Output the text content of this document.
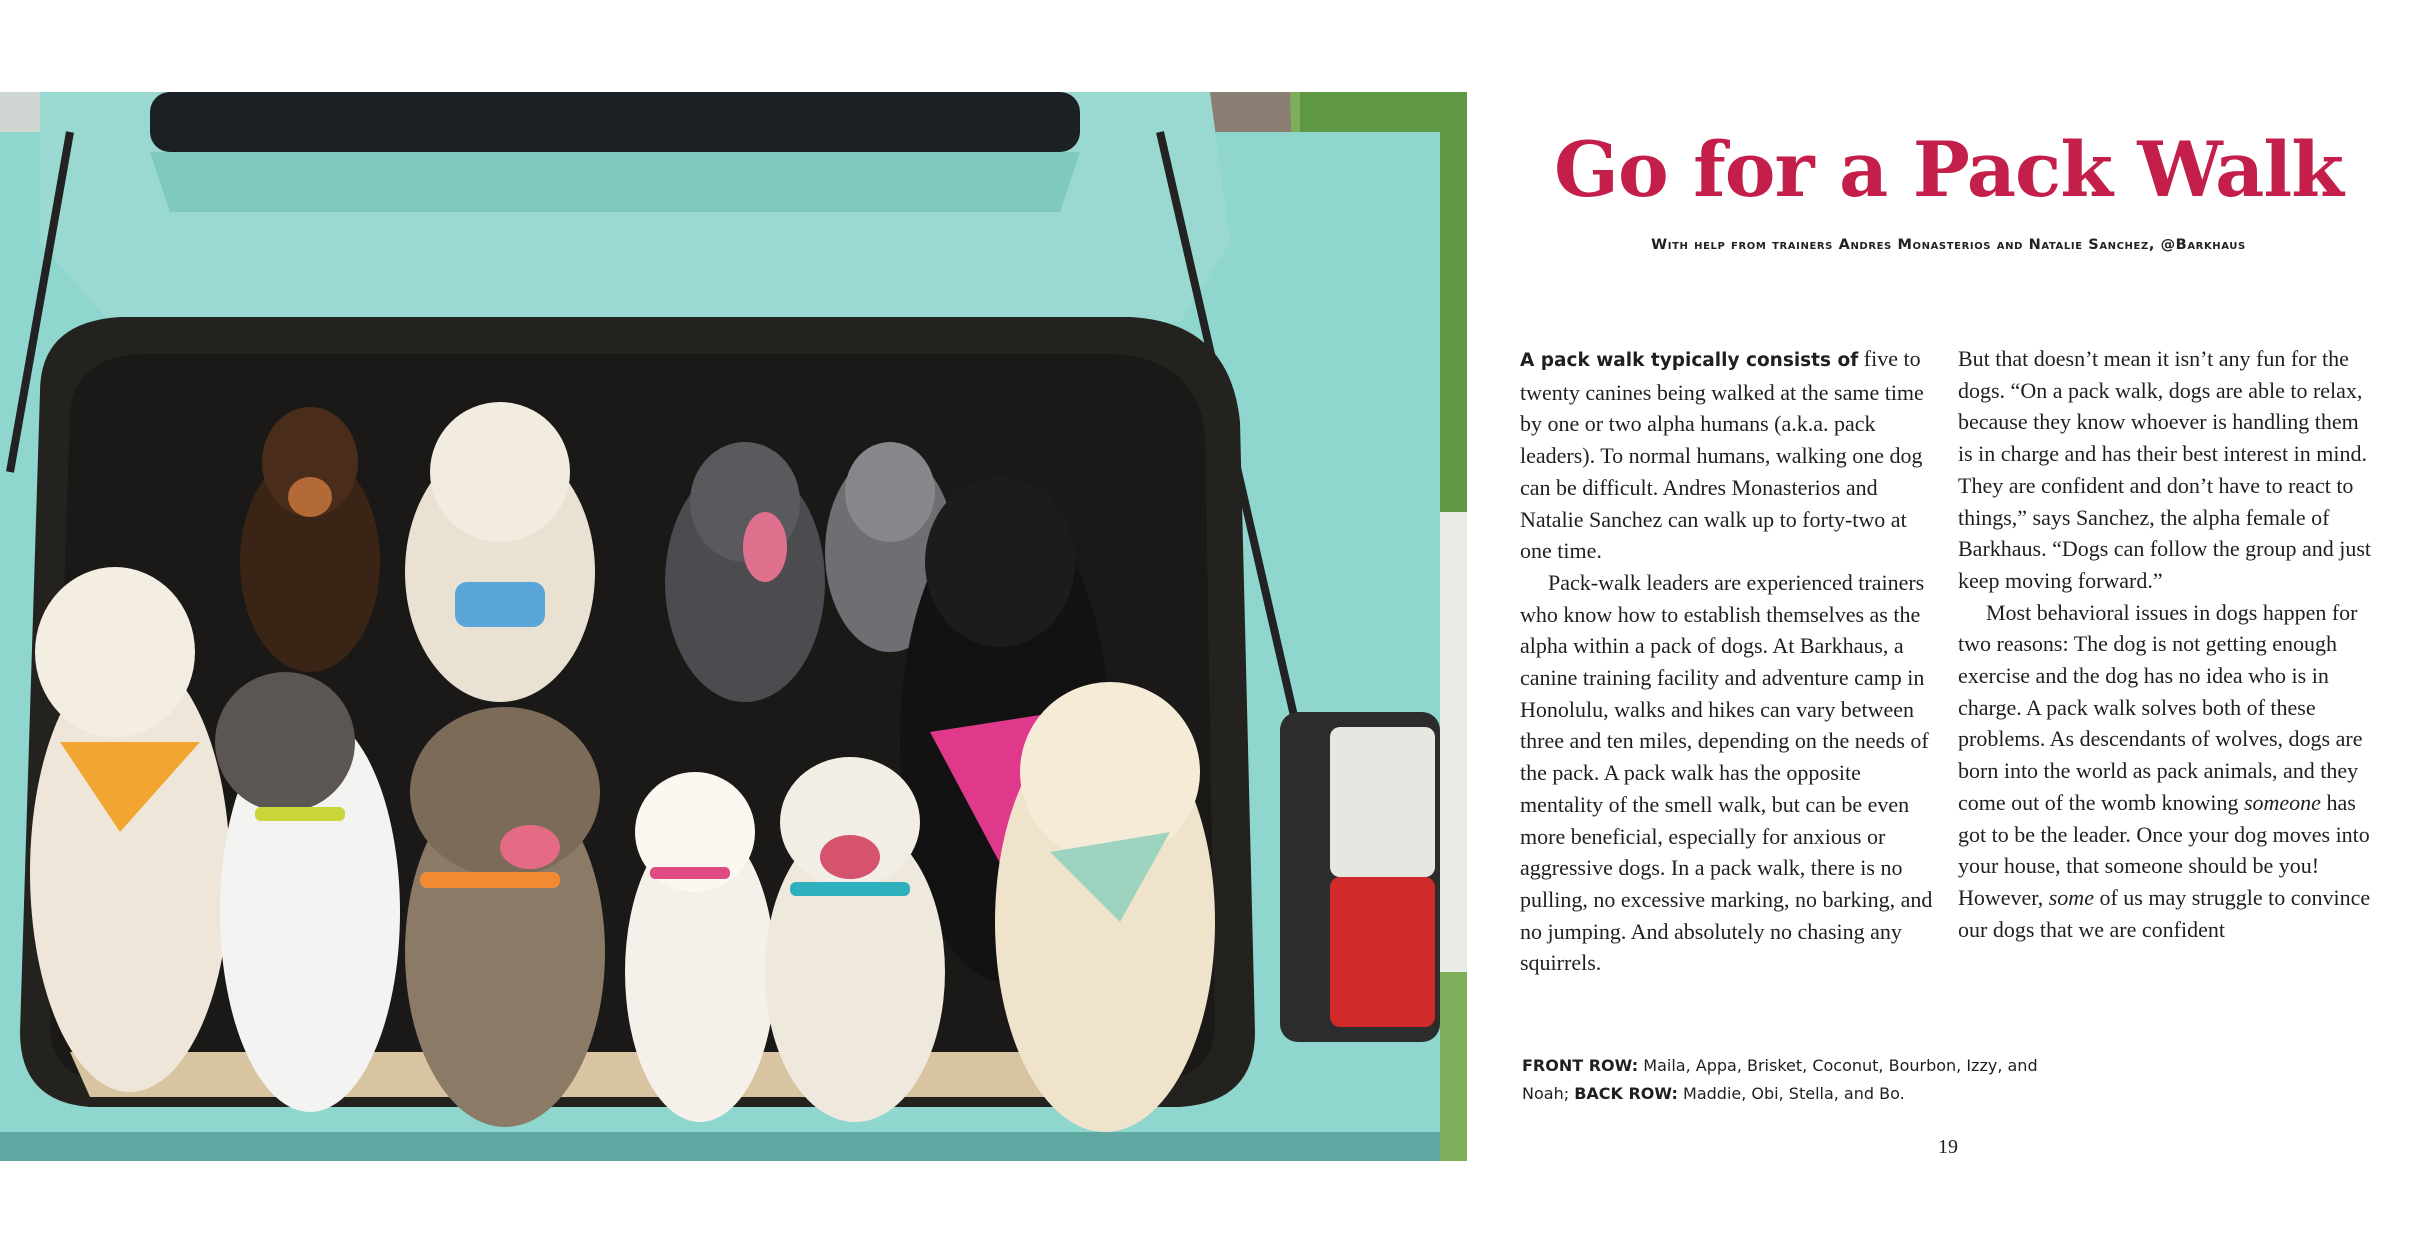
Go for a Pack Walk
With help from trainers Andres Monasterios and Natalie Sanchez, @Barkhaus

A pack walk typically consists of five to twenty canines being walked at the same time by one or two alpha humans (a.k.a. pack leaders). To normal humans, walking one dog can be difficult. Andres Monasterios and Natalie Sanchez can walk up to forty-two at one time.

Pack-walk leaders are experienced trainers who know how to establish themselves as the alpha within a pack of dogs. At Barkhaus, a canine training facility and adventure camp in Honolulu, walks and hikes can vary between three and ten miles, depending on the needs of the pack. A pack walk has the opposite mentality of the smell walk, but can be even more beneficial, especially for anxious or aggressive dogs. In a pack walk, there is no pulling, no excessive marking, no barking, and no jumping. And absolutely no chasing any squirrels.

But that doesn’t mean it isn’t any fun for the dogs. “On a pack walk, dogs are able to relax, because they know whoever is handling them is in charge and has their best interest in mind. They are confident and don’t have to react to things,” says Sanchez, the alpha female of Barkhaus. “Dogs can follow the group and just keep moving forward.”

Most behavioral issues in dogs happen for two reasons: The dog is not getting enough exercise and the dog has no idea who is in charge. A pack walk solves both of these problems. As descendants of wolves, dogs are born into the world as pack animals, and they come out of the womb knowing someone has got to be the leader. Once your dog moves into your house, that someone should be you! However, some of us may struggle to convince our dogs that we are confident

FRONT ROW: Maila, Appa, Brisket, Coconut, Bourbon, Izzy, and Noah; BACK ROW: Maddie, Obi, Stella, and Bo.
19
